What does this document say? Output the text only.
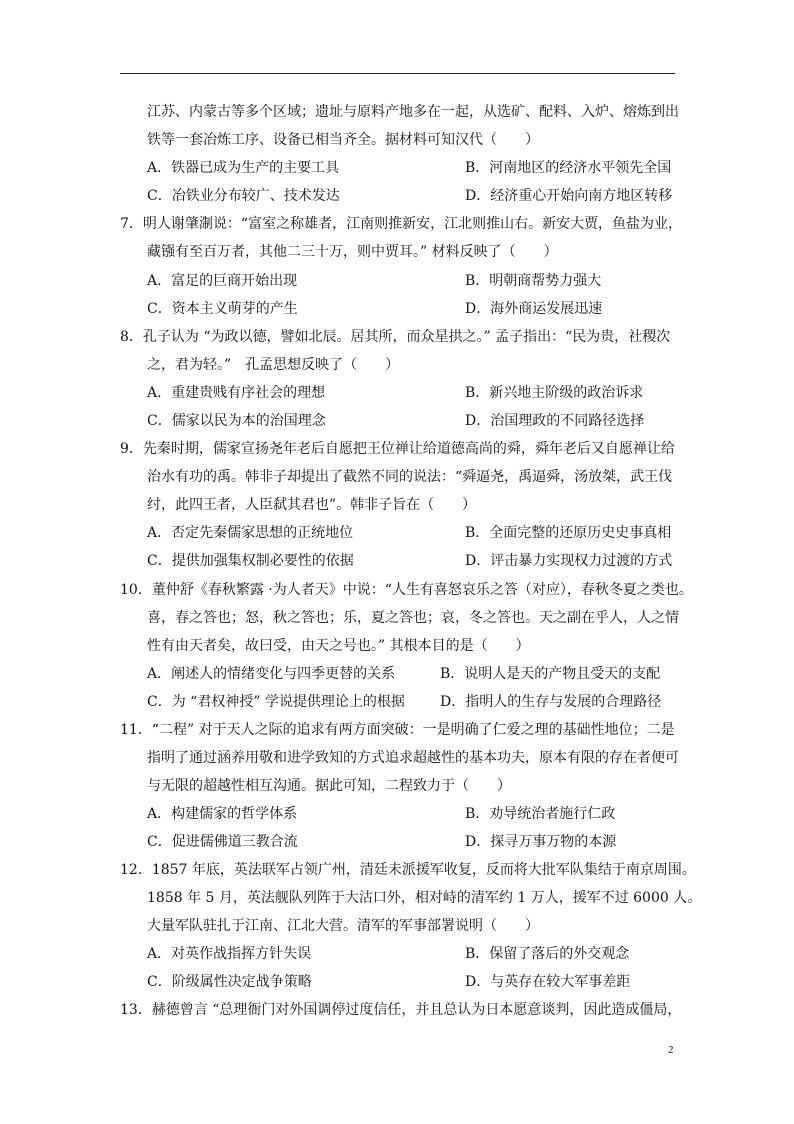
江苏、内蒙古等多个区域；遗址与原料产地多在一起，从选矿、配料、入炉、熔炼到出
铁等一套冶炼工序、设备已相当齐全。据材料可知汉代（　　）
A．铁器已成为生产的主要工具	B．河南地区的经济水平领先全国
C．冶铁业分布较广、技术发达	D．经济重心开始向南方地区转移
7．明人谢肇淛说：“富室之称雄者，江南则推新安，江北则推山右。新安大贾，鱼盐为业，
藏镪有至百万者，其他二三十万，则中贾耳。” 材料反映了（　　）
A．富足的巨商开始出现	B．明朝商帮势力强大
C．资本主义萌芽的产生	D．海外商运发展迅速
8．孔子认为 “为政以德，譬如北辰。居其所，而众星拱之。” 孟子指出：“民为贵，社稷次
之，君为轻。”　孔孟思想反映了（　　）
A．重建贵贱有序社会的理想	B．新兴地主阶级的政治诉求
C．儒家以民为本的治国理念	D．治国理政的不同路径选择
9．先秦时期，儒家宣扬尧年老后自愿把王位禅让给道德高尚的舜，舜年老后又自愿禅让给
治水有功的禹。韩非子却提出了截然不同的说法：“舜逼尧，禹逼舜，汤放桀，武王伐
纣，此四王者，人臣弑其君也”。韩非子旨在（　　）
A．否定先秦儒家思想的正统地位	B．全面完整的还原历史史事真相
C．提供加强集权制必要性的依据	D．评击暴力实现权力过渡的方式
10．董仲舒《春秋繁露 ·为人者天》中说：“人生有喜怒哀乐之答（对应），春秋冬夏之类也。
喜，春之答也；怒，秋之答也；乐，夏之答也；哀，冬之答也。天之副在乎人，人之情
性有由天者矣，故曰受，由天之号也。” 其根本目的是（　　）
A．阐述人的情绪变化与四季更替的关系	B．说明人是天的产物且受天的支配
C．为 “君权神授” 学说提供理论上的根据	D．指明人的生存与发展的合理路径
11．“二程” 对于天人之际的追求有两方面突破：一是明确了仁爱之理的基础性地位；二是
指明了通过涵养用敬和进学致知的方式追求超越性的基本功夫，原本有限的存在者便可
与无限的超越性相互沟通。据此可知，二程致力于（　　）
A．构建儒家的哲学体系	B．劝导统治者施行仁政
C．促进儒佛道三教合流	D．探寻万事万物的本源
12．1857 年底，英法联军占领广州，清廷未派援军收复，反而将大批军队集结于南京周围。
1858 年 5 月，英法舰队列阵于大沽口外，相对峙的清军约 1 万人，援军不过 6000 人。
大量军队驻扎于江南、江北大营。清军的军事部署说明（　　）
A．对英作战指挥方针失误	B．保留了落后的外交观念
C．阶级属性决定战争策略	D．与英存在较大军事差距
13．赫德曾言 “总理衙门对外国调停过度信任，并且总认为日本愿意谈判，因此造成僵局，
2
